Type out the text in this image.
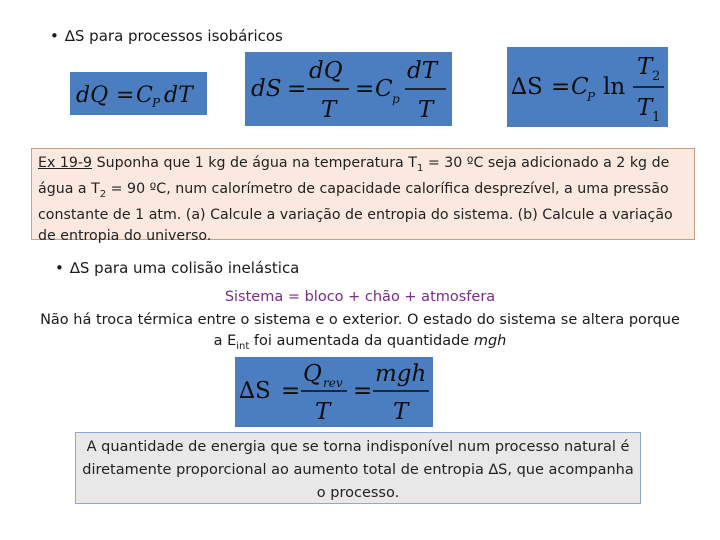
• ∆S para processos isobáricos
dQ = C P dT	dS =
dQ
T
= C p
dT
T
∆S = C
P ln
T 2
T 1
Ex 19-9 Suponha que 1 kg de água na temperatura $T_1 = 30$ ºC seja adicionado a 2 kg de água a $T_2 = 90$ ºC, num calorímetro de capacidade calorífica desprezível, a uma pressão constante de 1 atm. (a) Calcule a variação de entropia do sistema. (b) Calcule a variação de entropia do universo.
• ∆S para uma colisão inelástica
Sistema = bloco + chão + atmosfera
Não há troca térmica entre o sistema e o exterior. O estado do sistema se altera porque
a $E_{int}$ foi aumentada da quantidade mgh
∆S =
Q rev
T
=
mgh
T
A quantidade de energia que se torna indisponível num processo natural é diretamente proporcional ao aumento total de entropia ∆S, que acompanha o processo.
